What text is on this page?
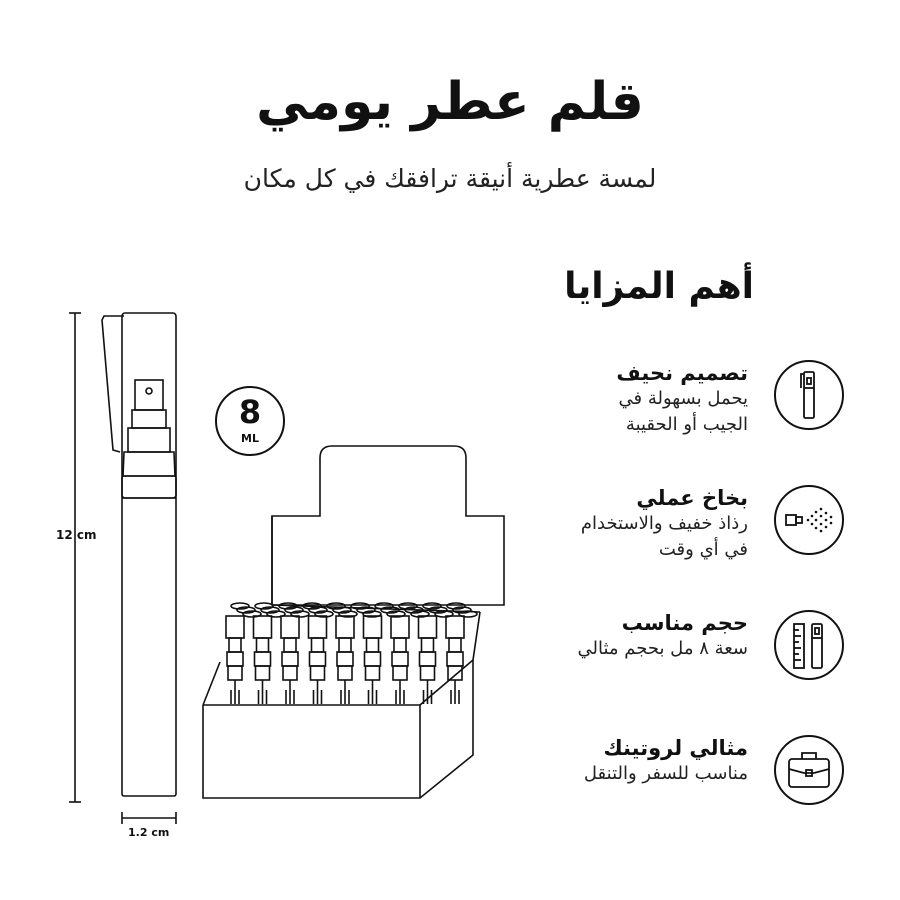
قلم عطر يومي
لمسة عطرية أنيقة ترافقك في كل مكان
12 cm
1.2 cm
8
ML
أهم المزايا
تصميم نحيف
يحمل بسهولة في
الجيب أو الحقيبة
بخاخ عملي
رذاذ خفيف والاستخدام
في أي وقت
حجم مناسب
سعة ٨ مل بحجم مثالي
مثالي لروتينك
مناسب للسفر والتنقل
